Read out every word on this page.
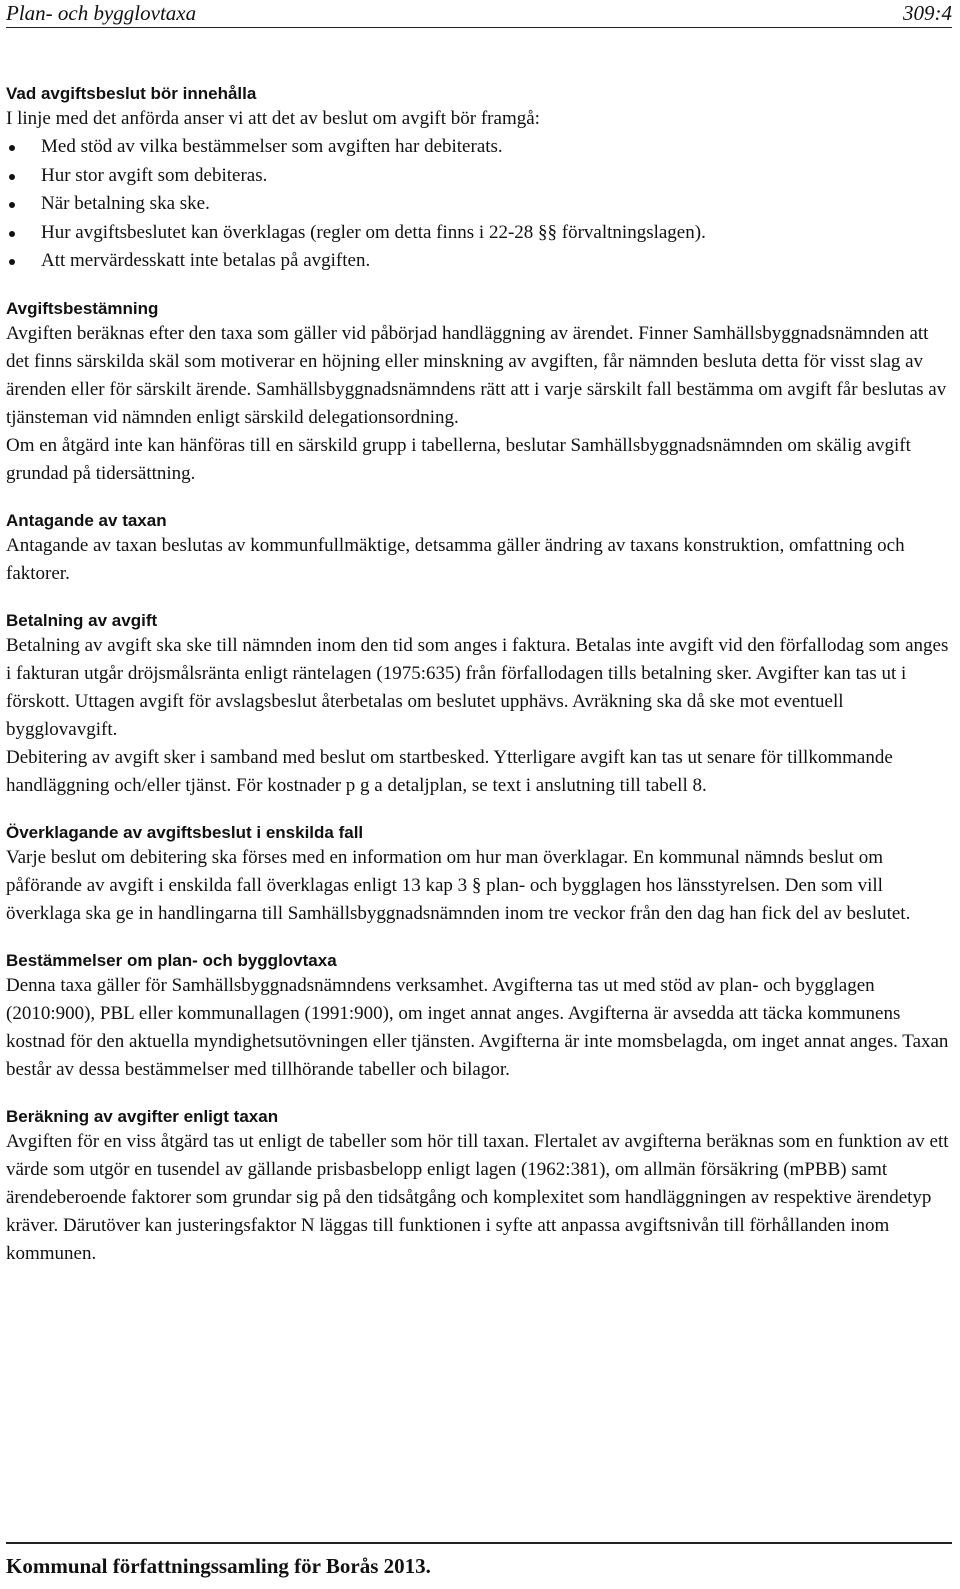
Plan- och bygglovtaxa	309:4
Vad avgiftsbeslut bör innehålla

I linje med det anförda anser vi att det av beslut om avgift bör framgå:

Med stöd av vilka bestämmelser som avgiften har debiterats.
Hur stor avgift som debiteras.
När betalning ska ske.
Hur avgiftsbeslutet kan överklagas (regler om detta finns i 22-28 §§ förvaltningslagen).
Att mervärdesskatt inte betalas på avgiften.
Avgiftsbestämning

Avgiften beräknas efter den taxa som gäller vid påbörjad handläggning av ärendet. Finner Samhällsbyggnadsnämnden att det finns särskilda skäl som motiverar en höjning eller minskning av avgiften, får nämnden besluta detta för visst slag av ärenden eller för särskilt ärende. Samhällsbyggnadsnämndens rätt att i varje särskilt fall bestämma om avgift får beslutas av tjänsteman vid nämnden enligt särskild delegationsordning.

Om en åtgärd inte kan hänföras till en särskild grupp i tabellerna, beslutar Samhällsbyggnadsnämnden om skälig avgift grundad på tidersättning.

Antagande av taxan

Antagande av taxan beslutas av kommunfullmäktige, detsamma gäller ändring av taxans konstruktion, omfattning och faktorer.

Betalning av avgift

Betalning av avgift ska ske till nämnden inom den tid som anges i faktura. Betalas inte avgift vid den förfallodag som anges i fakturan utgår dröjsmålsränta enligt räntelagen (1975:635) från förfallodagen tills betalning sker. Avgifter kan tas ut i förskott. Uttagen avgift för avslagsbeslut återbetalas om beslutet upphävs. Avräkning ska då ske mot eventuell bygglovavgift.

Debitering av avgift sker i samband med beslut om startbesked. Ytterligare avgift kan tas ut senare för tillkommande handläggning och/eller tjänst. För kostnader p g a detaljplan, se text i anslutning till tabell 8.

Överklagande av avgiftsbeslut i enskilda fall

Varje beslut om debitering ska förses med en information om hur man överklagar. En kommunal nämnds beslut om påförande av avgift i enskilda fall överklagas enligt 13 kap 3 § plan- och bygglagen hos länsstyrelsen. Den som vill överklaga ska ge in handlingarna till Samhällsbyggnadsnämnden inom tre veckor från den dag han fick del av beslutet.

Bestämmelser om plan- och bygglovtaxa

Denna taxa gäller för Samhällsbyggnadsnämndens verksamhet. Avgifterna tas ut med stöd av plan- och bygglagen (2010:900), PBL eller kommunallagen (1991:900), om inget annat anges. Avgifterna är avsedda att täcka kommunens kostnad för den aktuella myndighetsutövningen eller tjänsten. Avgifterna är inte momsbelagda, om inget annat anges. Taxan består av dessa bestämmelser med tillhörande tabeller och bilagor.

Beräkning av avgifter enligt taxan

Avgiften för en viss åtgärd tas ut enligt de tabeller som hör till taxan. Flertalet av avgifterna beräknas som en funktion av ett värde som utgör en tusendel av gällande prisbasbelopp enligt lagen (1962:381), om allmän försäkring (mPBB) samt ärendeberoende faktorer som grundar sig på den tidsåtgång och komplexitet som handläggningen av respektive ärendetyp kräver. Därutöver kan justeringsfaktor N läggas till funktionen i syfte att anpassa avgiftsnivån till förhållanden inom kommunen.

Kommunal författningssamling för Borås 2013.
